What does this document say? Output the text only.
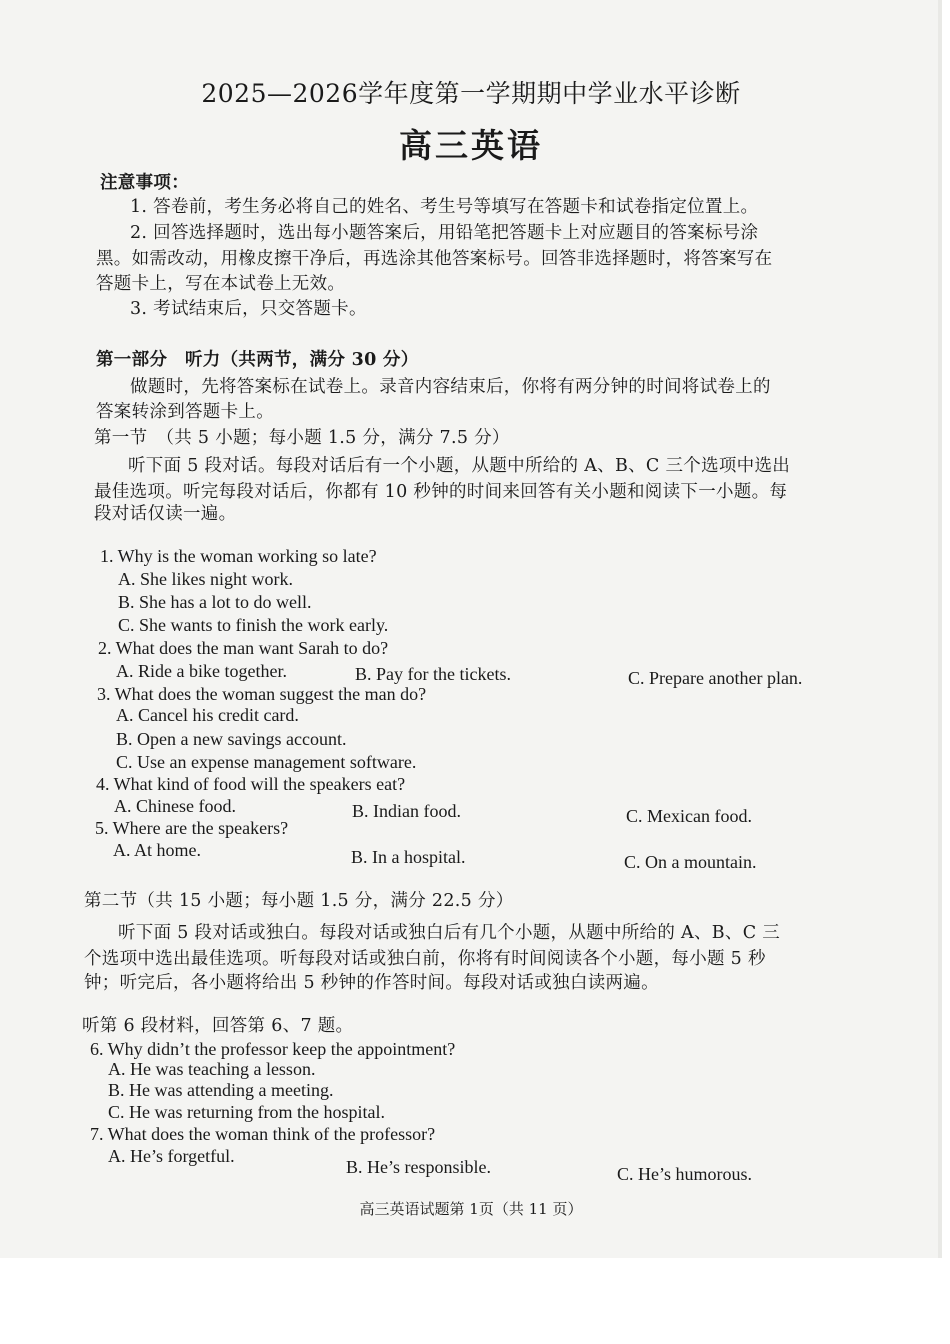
2025—2026学年度第一学期期中学业水平诊断
高三英语
注意事项：
1. 答卷前，考生务必将自己的姓名、考生号等填写在答题卡和试卷指定位置上。
2. 回答选择题时，选出每小题答案后，用铅笔把答题卡上对应题目的答案标号涂
黑。如需改动，用橡皮擦干净后，再选涂其他答案标号。回答非选择题时，将答案写在
答题卡上，写在本试卷上无效。
3. 考试结束后，只交答题卡。
第一部分　听力（共两节，满分 30 分）
做题时，先将答案标在试卷上。录音内容结束后，你将有两分钟的时间将试卷上的
答案转涂到答题卡上。
第一节　（共 5 小题；每小题 1.5 分，满分 7.5 分）
听下面 5 段对话。每段对话后有一个小题，从题中所给的 A、B、C 三个选项中选出
最佳选项。听完每段对话后，你都有 10 秒钟的时间来回答有关小题和阅读下一小题。每
段对话仅读一遍。
1. Why is the woman working so late?
A. She likes night work.
B. She has a lot to do well.
C. She wants to finish the work early.
2. What does the man want Sarah to do?
A. Ride a bike together.	B. Pay for the tickets.	C. Prepare another plan.
3. What does the woman suggest the man do?
A. Cancel his credit card.
B. Open a new savings account.
C. Use an expense management software.
4. What kind of food will the speakers eat?
A. Chinese food.	B. Indian food.	C. Mexican food.
5. Where are the speakers?
A. At home.	B. In a hospital.	C. On a mountain.
第二节（共 15 小题；每小题 1.5 分，满分 22.5 分）
听下面 5 段对话或独白。每段对话或独白后有几个小题，从题中所给的 A、B、C 三
个选项中选出最佳选项。听每段对话或独白前，你将有时间阅读各个小题，每小题 5 秒
钟；听完后，各小题将给出 5 秒钟的作答时间。每段对话或独白读两遍。
听第 6 段材料，回答第 6、7 题。
6. Why didn’t the professor keep the appointment?
A. He was teaching a lesson.
B. He was attending a meeting.
C. He was returning from the hospital.
7. What does the woman think of the professor?
A. He’s forgetful.
B. He’s responsible.	C. He’s humorous.
高三英语试题第 1页（共 11 页）
